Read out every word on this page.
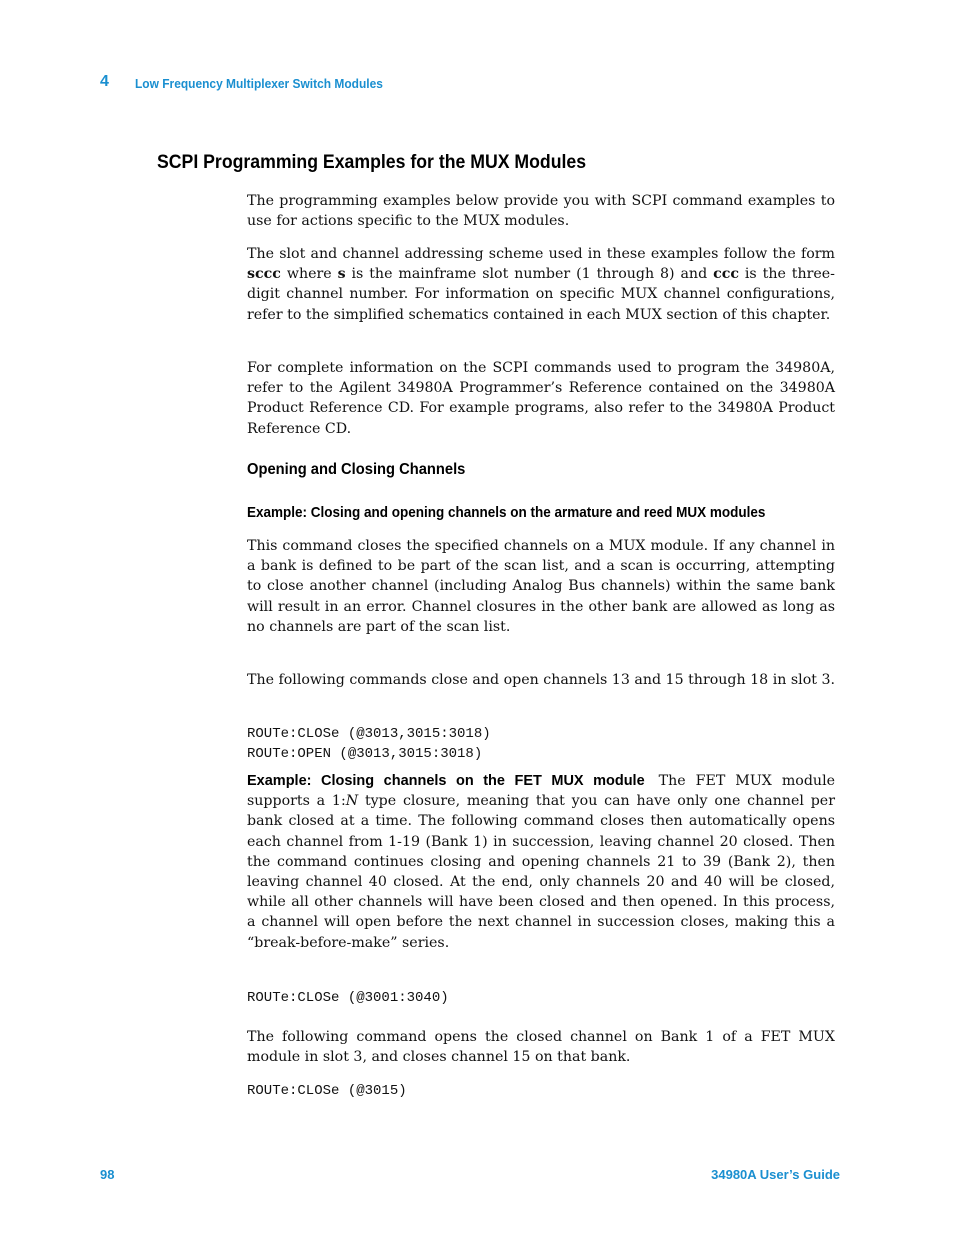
4 Low Frequency Multiplexer Switch Modules
SCPI Programming Examples for the MUX Modules

The programming examples below provide you with SCPI command examples to use for actions specific to the MUX modules.

The slot and channel addressing scheme used in these examples follow the form sccc where s is the mainframe slot number (1 through 8) and ccc is the three-digit channel number. For information on specific MUX channel configurations, refer to the simplified schematics contained in each MUX section of this chapter.

For complete information on the SCPI commands used to program the 34980A, refer to the Agilent 34980A Programmer’s Reference contained on the 34980A Product Reference CD. For example programs, also refer to the 34980A Product Reference CD.

Opening and Closing Channels
Example: Closing and opening channels on the armature and reed MUX modules

This command closes the specified channels on a MUX module. If any channel in a bank is defined to be part of the scan list, and a scan is occurring, attempting to close another channel (including Analog Bus channels) within the same bank will result in an error. Channel closures in the other bank are allowed as long as no channels are part of the scan list.

The following commands close and open channels 13 and 15 through 18 in slot 3.

ROUTe:CLOSe (@3013,3015:3018)
ROUTe:OPEN (@3013,3015:3018)

Example: Closing channels on the FET MUX module The FET MUX module supports a 1:N type closure, meaning that you can have only one channel per bank closed at a time. The following command closes then automatically opens each channel from 1-19 (Bank 1) in succession, leaving channel 20 closed. Then the command continues closing and opening channels 21 to 39 (Bank 2), then leaving channel 40 closed. At the end, only channels 20 and 40 will be closed, while all other channels will have been closed and then opened. In this process, a channel will open before the next channel in succession closes, making this a “break-before-make” series.

ROUTe:CLOSe (@3001:3040)

The following command opens the closed channel on Bank 1 of a FET MUX module in slot 3, and closes channel 15 on that bank.

ROUTe:CLOSe (@3015)
98	34980A User’s Guide
